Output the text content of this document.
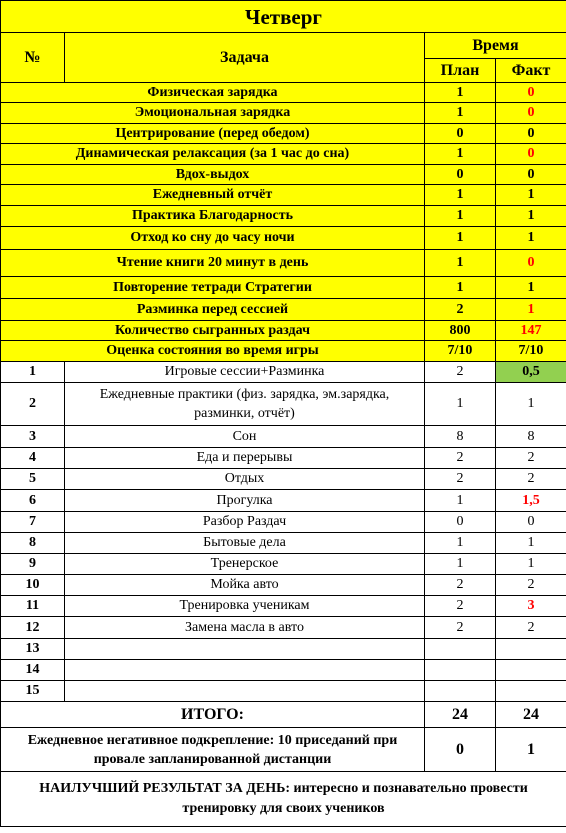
Четверг			
№	Задача	Время	
		План	Факт
Физическая зарядка		1	0
Эмоциональная зарядка		1	0
Центрирование (перед обедом)		0	0
Динамическая релаксация (за 1 час до сна)		1	0
Вдох-выдох		0	0
Ежедневный отчёт		1	1
Практика Благодарность		1	1
Отход ко сну до часу ночи		1	1
Чтение книги 20 минут в день		1	0
Повторение тетради Стратегии		1	1
Разминка перед сессией		2	1
Количество сыгранных раздач		800	147
Оценка состояния во время игры		7/10	7/10
1	Игровые сессии+Разминка	2	0,5
2	Ежедневные практики (физ. зарядка, эм.зарядка, разминки, отчёт)	1	1
3	Сон	8	8
4	Еда и перерывы	2	2
5	Отдых	2	2
6	Прогулка	1	1,5
7	Разбор Раздач	0	0
8	Бытовые дела	1	1
9	Тренерское	1	1
10	Мойка авто	2	2
11	Тренировка ученикам	2	3
12	Замена масла в авто	2	2
13			
14			
15			
ИТОГО:		24	24
Ежедневное негативное подкрепление: 10 приседаний при провале запланированной дистанции		0	1
НАИЛУЧШИЙ РЕЗУЛЬТАТ ЗА ДЕНЬ: интересно и познавательно провести тренировку для своих учеников			
